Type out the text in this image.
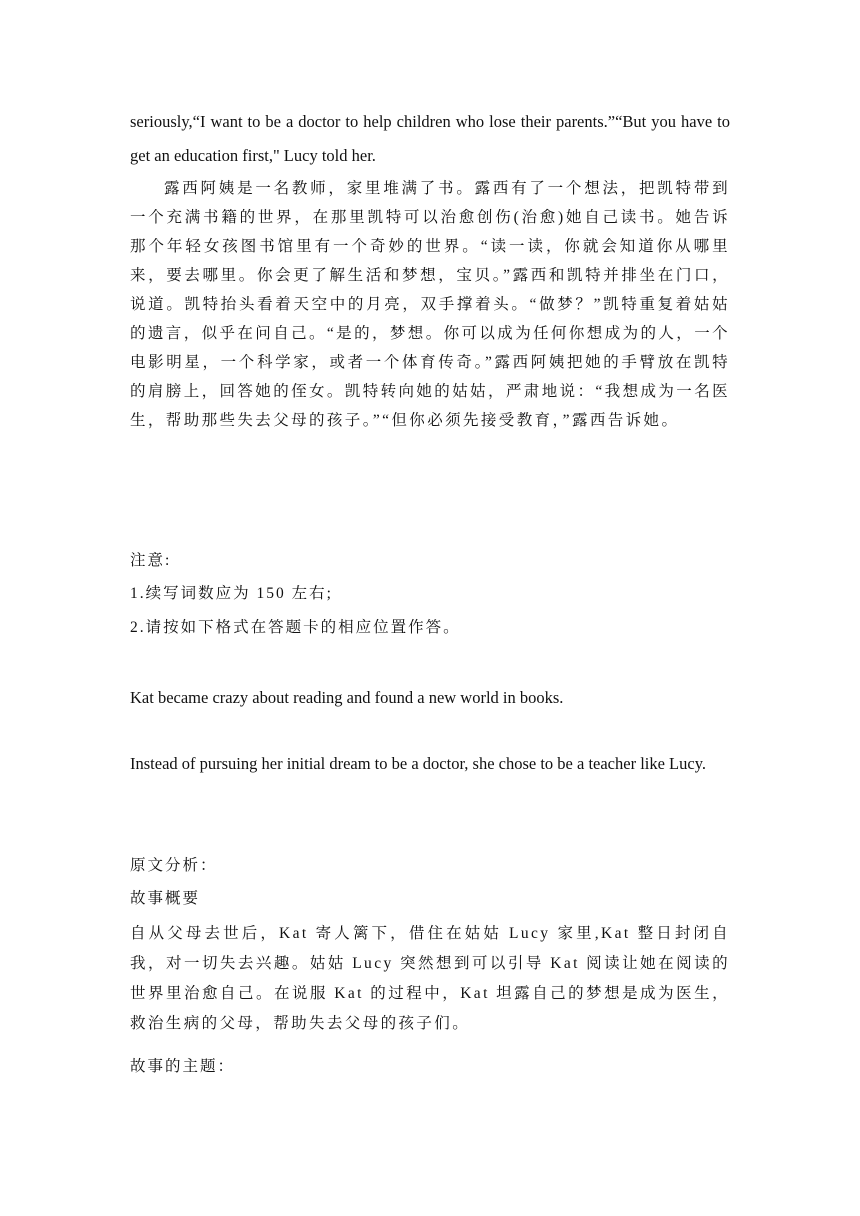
seriously,“I want to be a doctor to help children who lose their parents.”“But you have to get an education first," Lucy told her.

露西阿姨是一名教师，家里堆满了书。露西有了一个想法，把凯特带到一个充满书籍的世界，在那里凯特可以治愈创伤(治愈)她自己读书。她告诉那个年轻女孩图书馆里有一个奇妙的世界。“读一读，你就会知道你从哪里来，要去哪里。你会更了解生活和梦想，宝贝。”露西和凯特并排坐在门口，说道。凯特抬头看着天空中的月亮，双手撑着头。“做梦？”凯特重复着姑姑的遗言，似乎在问自己。“是的，梦想。你可以成为任何你想成为的人，一个电影明星，一个科学家，或者一个体育传奇。”露西阿姨把她的手臂放在凯特的肩膀上，回答她的侄女。凯特转向她的姑姑，严肃地说：“我想成为一名医生，帮助那些失去父母的孩子。”“但你必须先接受教育，”露西告诉她。

注意:
1.续写词数应为 150 左右;
2.请按如下格式在答题卡的相应位置作答。

Kat became crazy about reading and found a new world in books.

Instead of pursuing her initial dream to be a doctor, she chose to be a teacher like Lucy.

原文分析：
故事概要

自从父母去世后，Kat 寄人篱下，借住在姑姑 Lucy 家里,Kat 整日封闭自我，对一切失去兴趣。姑姑 Lucy 突然想到可以引导 Kat 阅读让她在阅读的世界里治愈自己。在说服 Kat 的过程中，Kat 坦露自己的梦想是成为医生，救治生病的父母，帮助失去父母的孩子们。

故事的主题：
